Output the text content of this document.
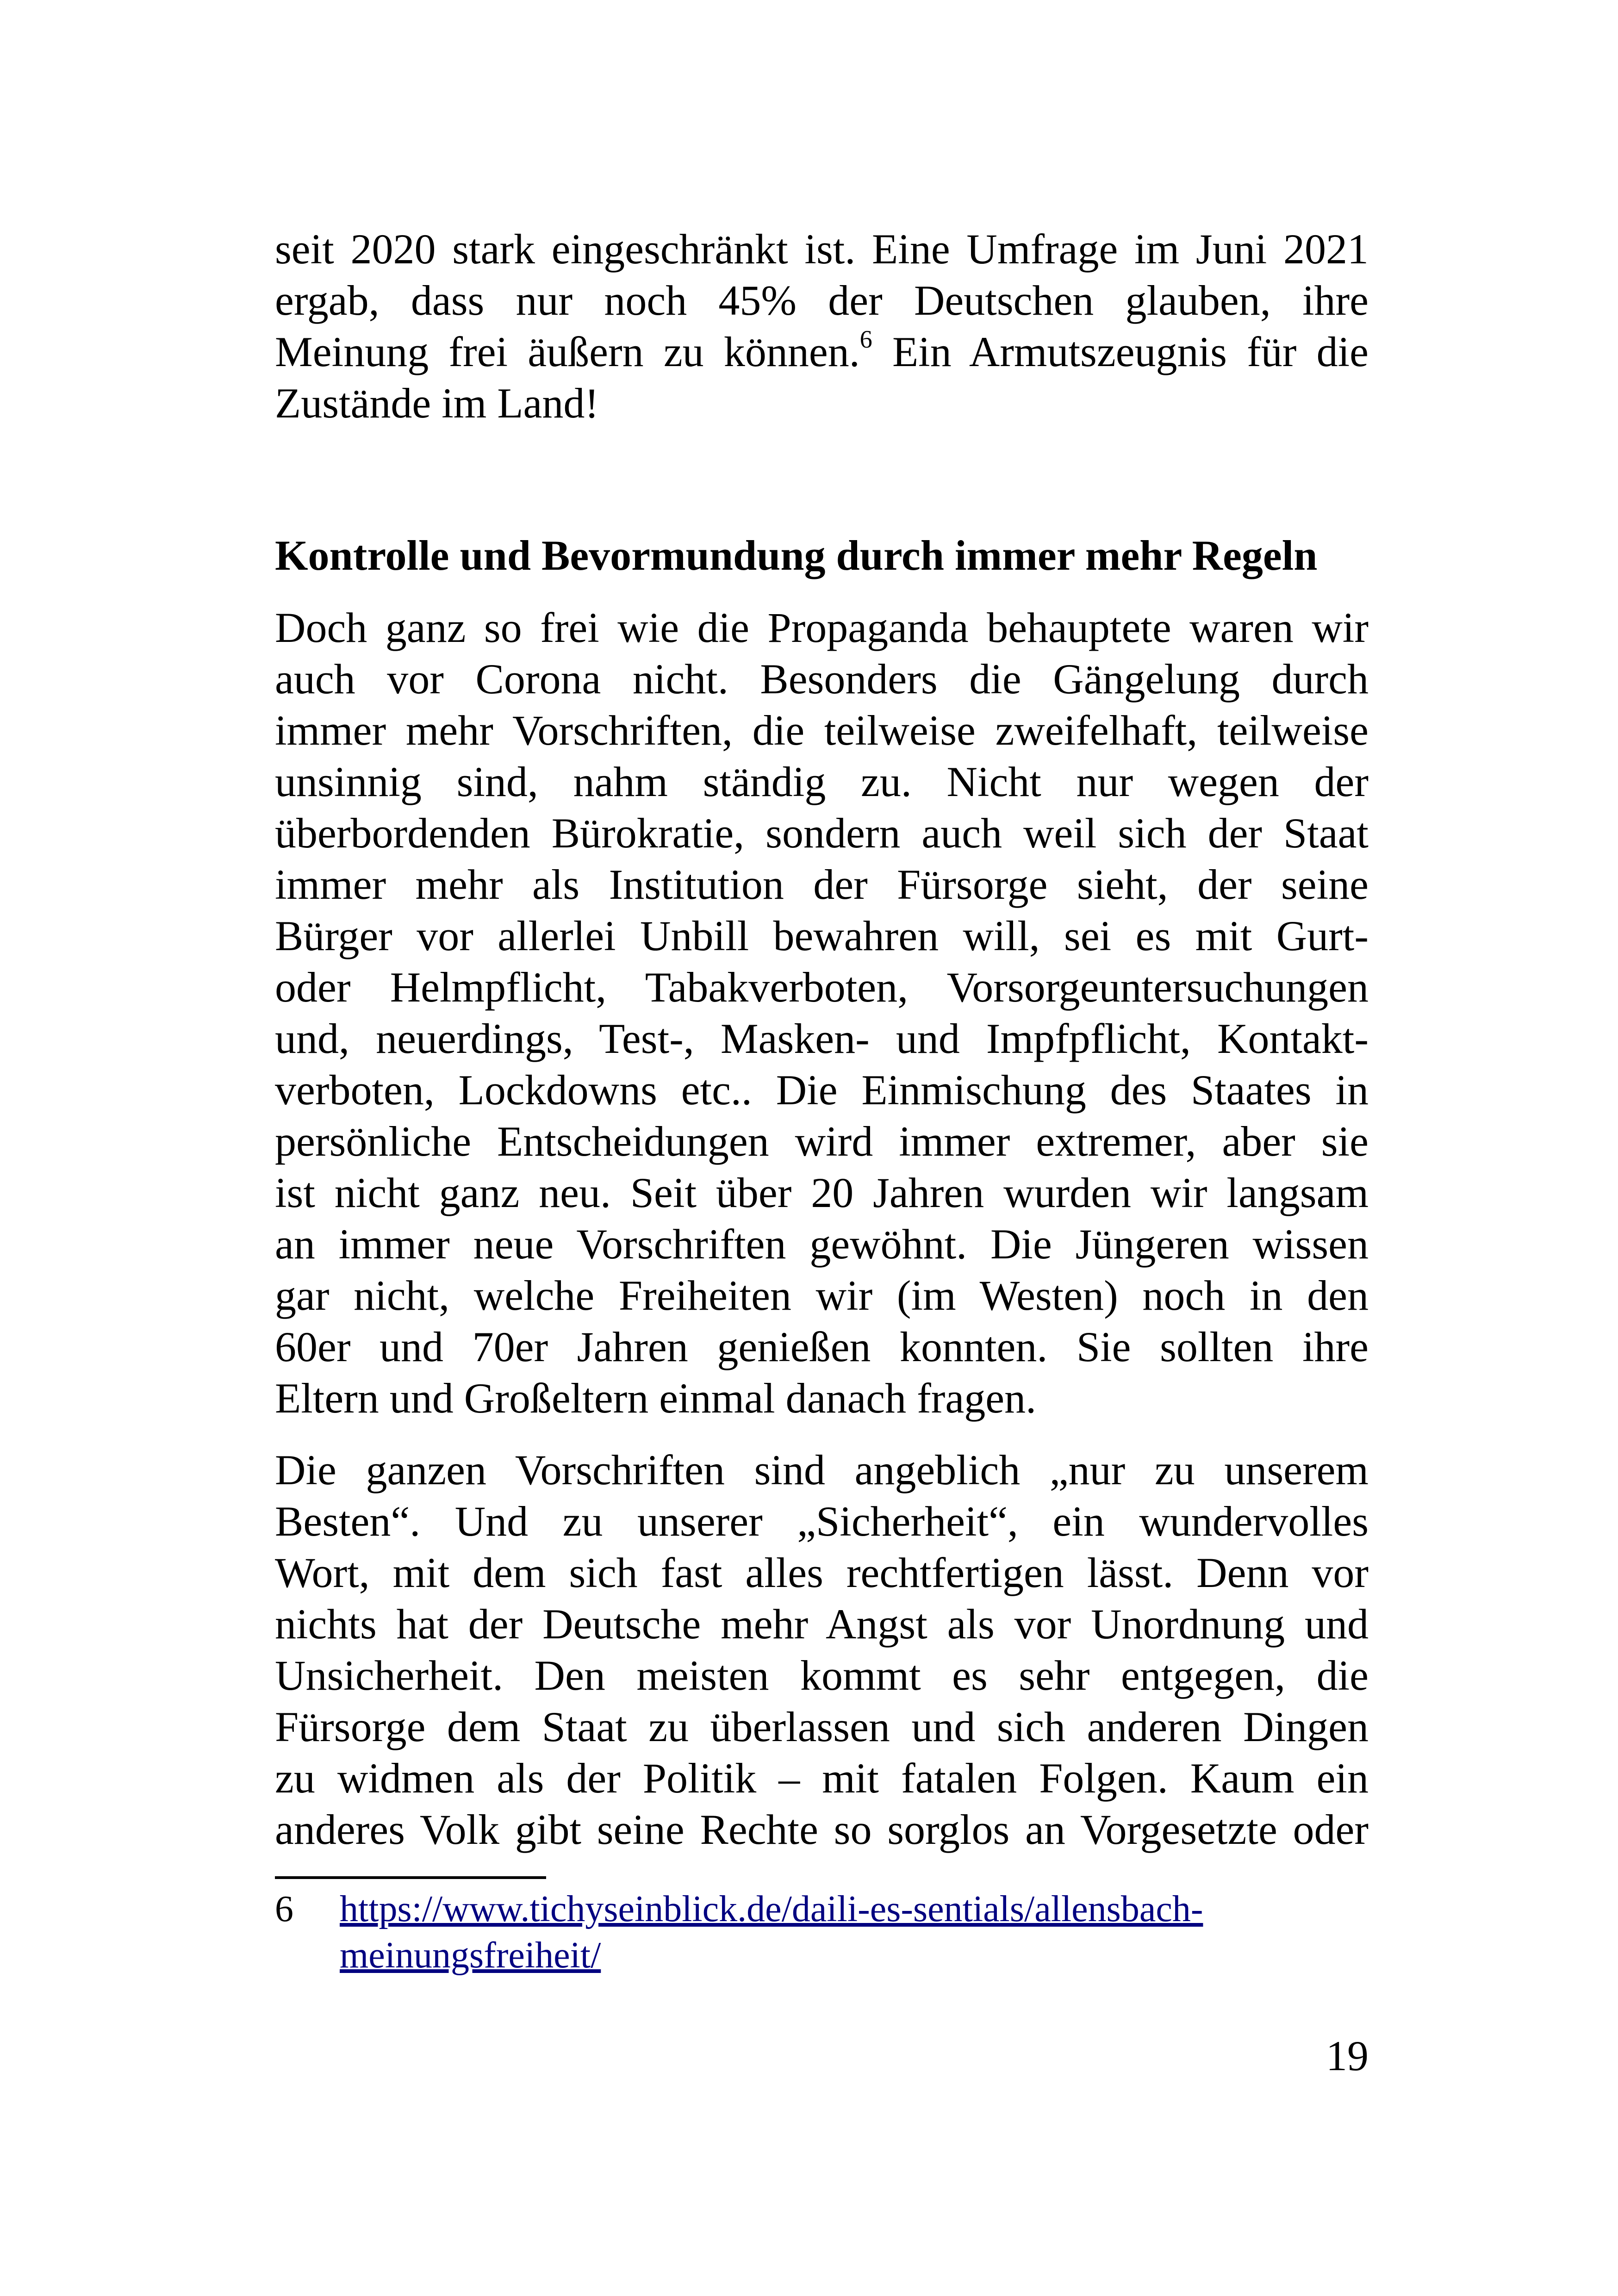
seit 2020 stark eingeschränkt ist. Eine Umfrage im Juni 2021
ergab, dass nur noch 45% der Deutschen glauben, ihre
Meinung frei äußern zu können.$^6$ Ein Armutszeugnis für die
Zustände im Land!

Kontrolle und Bevormundung durch immer mehr Regeln

Doch ganz so frei wie die Propaganda behauptete waren wir
auch vor Corona nicht. Besonders die Gängelung durch
immer mehr Vorschriften, die teilweise zweifelhaft, teilweise
unsinnig sind, nahm ständig zu. Nicht nur wegen der
überbordenden Bürokratie, sondern auch weil sich der Staat
immer mehr als Institution der Fürsorge sieht, der seine
Bürger vor allerlei Unbill bewahren will, sei es mit Gurt-
oder Helmpflicht, Tabakverboten, Vorsorgeuntersuchungen
und, neuerdings, Test-, Masken- und Impfpflicht, Kontakt-
verboten, Lockdowns etc.. Die Einmischung des Staates in
persönliche Entscheidungen wird immer extremer, aber sie
ist nicht ganz neu. Seit über 20 Jahren wurden wir langsam
an immer neue Vorschriften gewöhnt. Die Jüngeren wissen
gar nicht, welche Freiheiten wir (im Westen) noch in den
60er und 70er Jahren genießen konnten. Sie sollten ihre
Eltern und Großeltern einmal danach fragen.

Die ganzen Vorschriften sind angeblich „nur zu unserem
Besten“. Und zu unserer „Sicherheit“, ein wundervolles
Wort, mit dem sich fast alles rechtfertigen lässt. Denn vor
nichts hat der Deutsche mehr Angst als vor Unordnung und
Unsicherheit. Den meisten kommt es sehr entgegen, die
Fürsorge dem Staat zu überlassen und sich anderen Dingen
zu widmen als der Politik – mit fatalen Folgen. Kaum ein
anderes Volk gibt seine Rechte so sorglos an Vorgesetzte oder

6 https://www.tichyseinblick.de/daili-es-sentials/allensbach-
meinungsfreiheit/
19
